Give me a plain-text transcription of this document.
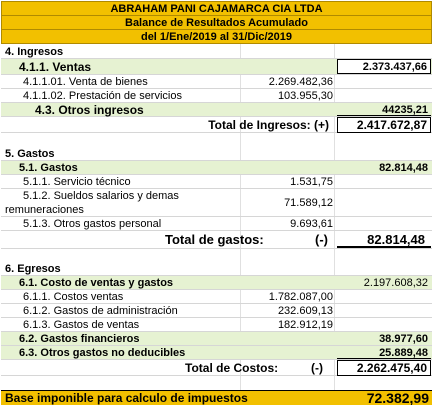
ABRAHAM PANI CAJAMARCA CIA LTDA
Balance de Resultados Acumulado
del 1/Ene/2019 al 31/Dic/2019
4. Ingresos
4.1.1. Ventas	2.373.437,66
4.1.1.01. Venta de bienes	2.269.482,36
4.1.1.02. Prestación de servicios	103.955,30
4.3. Otros ingresos	44235,21
Total de Ingresos: (+)	2.417.672,87
5. Gastos
5.1. Gastos	82.814,48
5.1.1. Servicio técnico	1.531,75
5.1.2. Sueldos salarios y demas
remuneraciones
71.589,12
5.1.3. Otros gastos personal	9.693,61
Total de gastos:	(-)	82.814,48
6. Egresos
6.1. Costo de ventas y gastos	2.197.608,32
6.1.1. Costos ventas	1.782.087,00
6.1.2. Gastos de administración	232.609,13
6.1.3. Gastos de ventas	182.912,19
6.2. Gastos financieros	38.977,60
6.3. Otros gastos no deducibles	25.889,48
Total de Costos:	(-)	2.262.475,40
Base imponible para calculo de impuestos	72.382,99
